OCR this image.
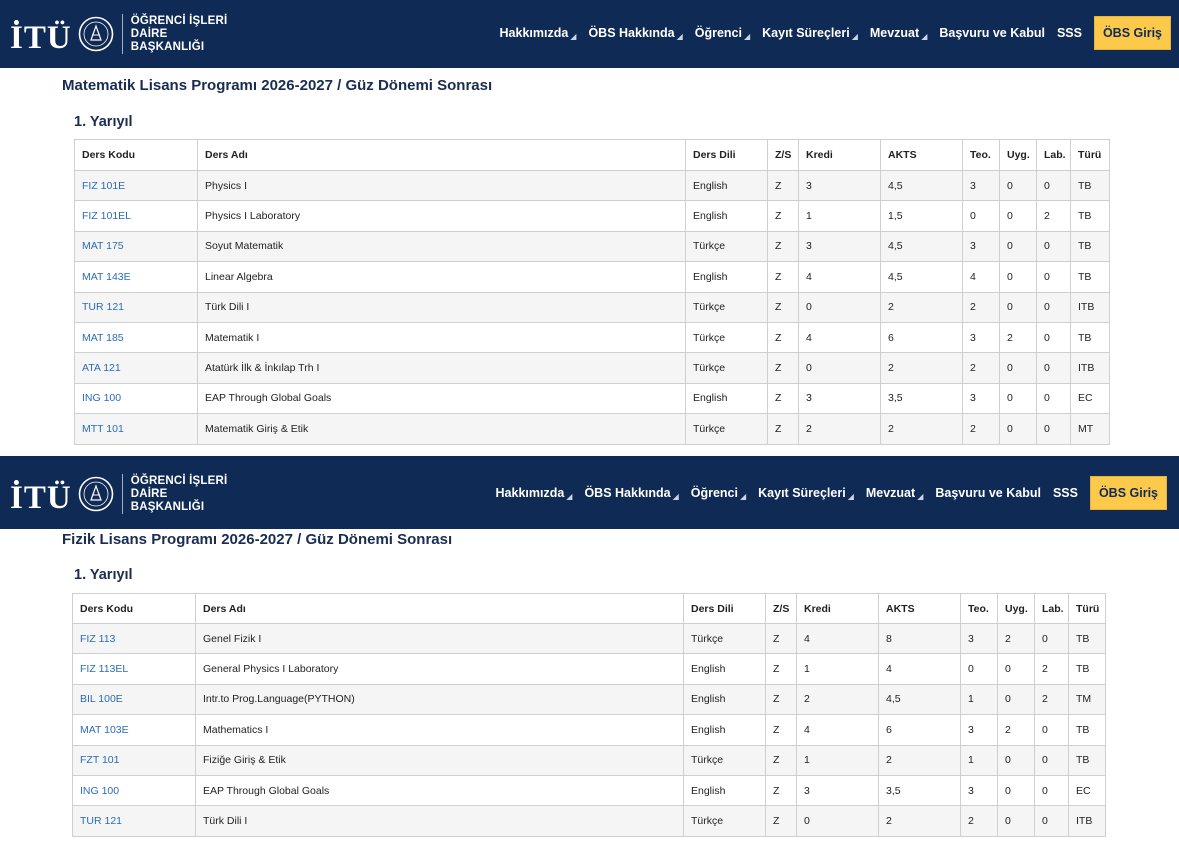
İTÜ	ÖĞRENCİ İŞLERİ
DAİRE
BAŞKANLIĞI
Hakkımızda ◢ ÖBS Hakkında ◢ Öğrenci ◢ Kayıt Süreçleri ◢ Mevzuat ◢ Başvuru ve Kabul SSS	ÖBS Giriş
Matematik Lisans Programı 2026-2027 / Güz Dönemi Sonrası
1. Yarıyıl
Ders Kodu	Ders Adı	Ders Dili	Z/S	Kredi	AKTS	Teo.	Uyg.	Lab.	Türü
FIZ 101E	Physics I	English	Z	3	4,5	3	0	0	TB
FIZ 101EL	Physics I Laboratory	English	Z	1	1,5	0	0	2	TB
MAT 175	Soyut Matematik	Türkçe	Z	3	4,5	3	0	0	TB
MAT 143E	Linear Algebra	English	Z	4	4,5	4	0	0	TB
TUR 121	Türk Dili I	Türkçe	Z	0	2	2	0	0	ITB
MAT 185	Matematik I	Türkçe	Z	4	6	3	2	0	TB
ATA 121	Atatürk İlk & İnkılap Trh I	Türkçe	Z	0	2	2	0	0	ITB
ING 100	EAP Through Global Goals	English	Z	3	3,5	3	0	0	EC
MTT 101	Matematik Giriş & Etik	Türkçe	Z	2	2	2	0	0	MT
İTÜ	ÖĞRENCİ İŞLERİ
DAİRE
BAŞKANLIĞI
Hakkımızda ◢ ÖBS Hakkında ◢ Öğrenci ◢ Kayıt Süreçleri ◢ Mevzuat ◢ Başvuru ve Kabul SSS	ÖBS Giriş
Fizik Lisans Programı 2026-2027 / Güz Dönemi Sonrası
1. Yarıyıl
Ders Kodu	Ders Adı	Ders Dili	Z/S	Kredi	AKTS	Teo.	Uyg.	Lab.	Türü
FIZ 113	Genel Fizik I	Türkçe	Z	4	8	3	2	0	TB
FIZ 113EL	General Physics I Laboratory	English	Z	1	4	0	0	2	TB
BIL 100E	Intr.to Prog.Language(PYTHON)	English	Z	2	4,5	1	0	2	TM
MAT 103E	Mathematics I	English	Z	4	6	3	2	0	TB
FZT 101	Fiziğe Giriş & Etik	Türkçe	Z	1	2	1	0	0	TB
ING 100	EAP Through Global Goals	English	Z	3	3,5	3	0	0	EC
TUR 121	Türk Dili I	Türkçe	Z	0	2	2	0	0	ITB
